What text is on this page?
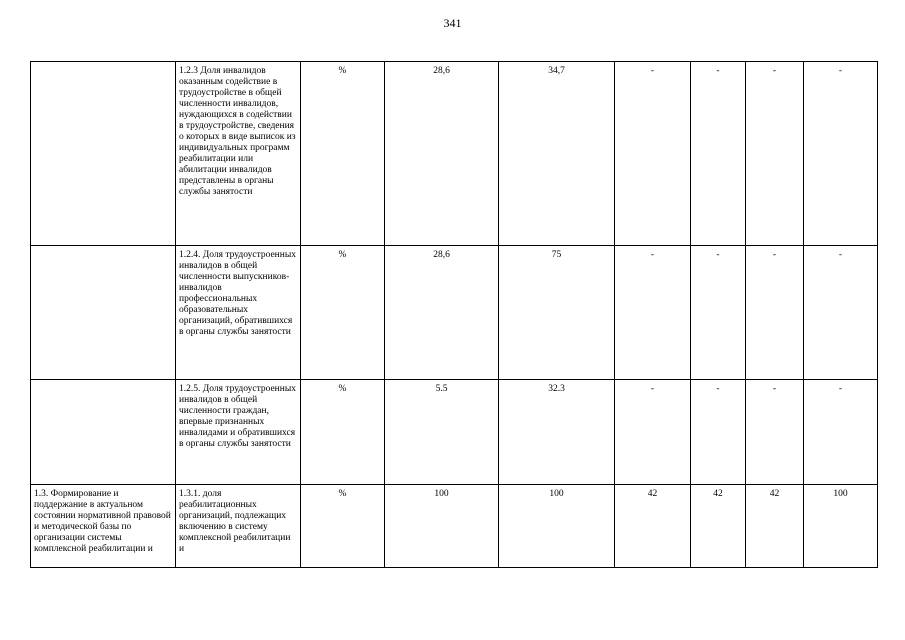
341
	1.2.3 Доля инвалидов оказанным содействие в трудоустройстве в общей численности инвалидов, нуждающихся в содействии в трудоустройстве, сведения о которых в виде выписок из индивидуальных программ реабилитации или абилитации инвалидов представлены в органы службы занятости	%	28,6	34,7	-	-	-	-
	1.2.4. Доля трудоустроенных инвалидов в общей численности выпускников-инвалидов профессиональных образовательных организаций, обратившихся в органы службы занятости	%	28,6	75	-	-	-	-
	1.2.5. Доля трудоустроенных инвалидов в общей численности граждан, впервые признанных инвалидами и обратившихся в органы службы занятости	%	5.5	32.3	-	-	-	-
1.3. Формирование и поддержание в актуальном состоянии нормативной правовой и методической базы по организации системы комплексной реабилитации и	1.3.1. доля реабилитационных организаций, подлежащих включению в систему комплексной реабилитации и	%	100	100	42	42	42	100
